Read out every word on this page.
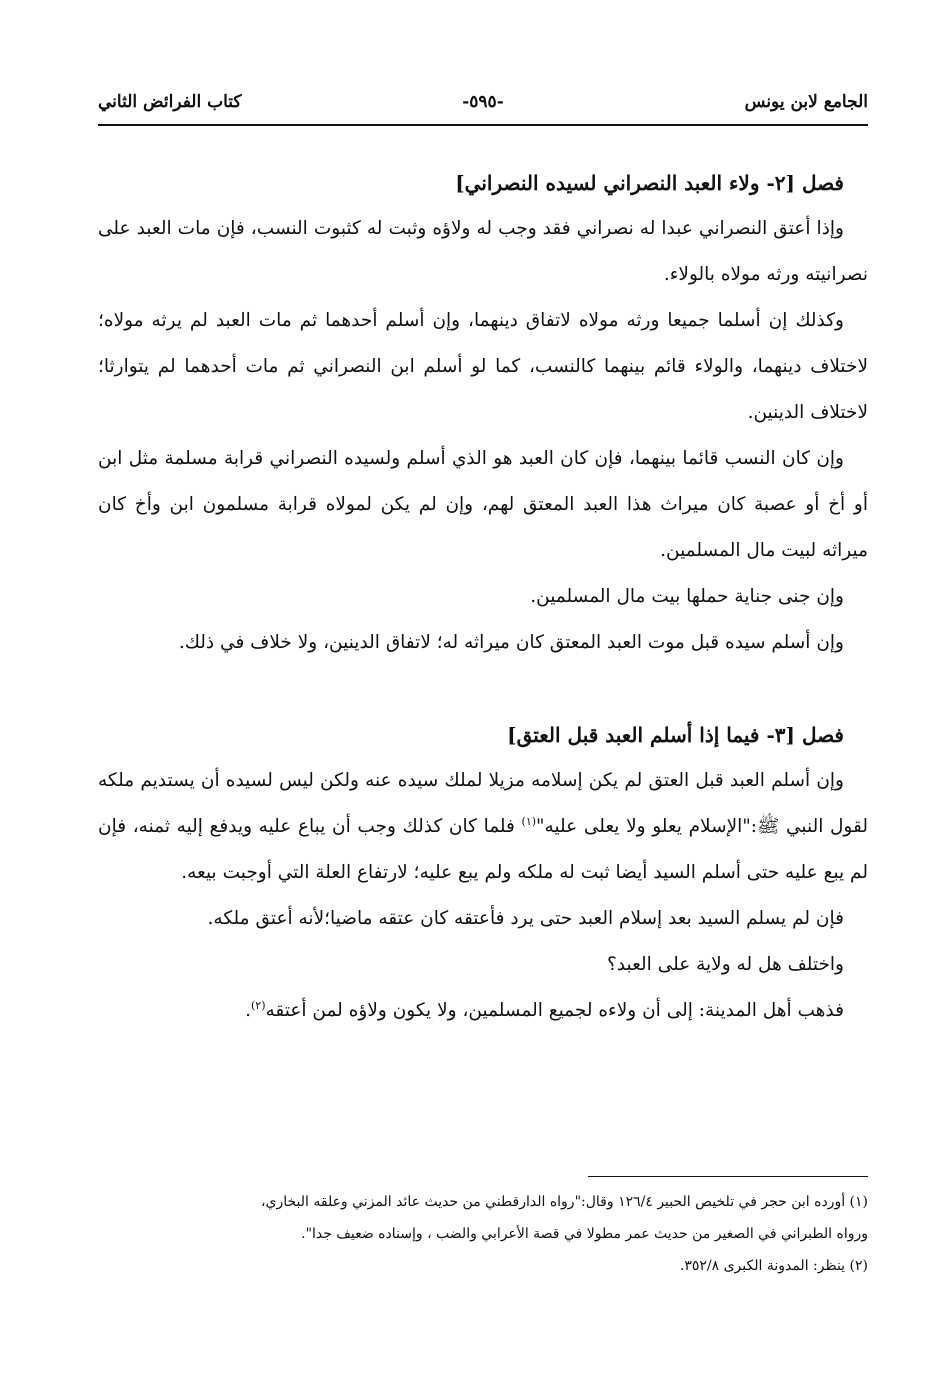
الجامع لابن يونس
-٥٩٥-
كتاب الفرائض الثاني
فصل [٢- ولاء العبد النصراني لسيده النصراني]

وإذا أعتق النصراني عبدا له نصراني فقد وجب له ولاؤه وثبت له كثبوت النسب، فإن مات العبد على نصرانيته ورثه مولاه بالولاء.

وكذلك إن أسلما جميعا ورثه مولاه لاتفاق دينهما، وإن أسلم أحدهما ثم مات العبد لم يرثه مولاه؛ لاختلاف دينهما، والولاء قائم بينهما كالنسب، كما لو أسلم ابن النصراني ثم مات أحدهما لم يتوارثا؛ لاختلاف الدينين.

وإن كان النسب قائما بينهما، فإن كان العبد هو الذي أسلم ولسيده النصراني قرابة مسلمة مثل ابن أو أخ أو عصبة كان ميراث هذا العبد المعتق لهم، وإن لم يكن لمولاه قرابة مسلمون ابن وأخ كان ميراثه لبيت مال المسلمين.

وإن جنى جناية حملها بيت مال المسلمين.

وإن أسلم سيده قبل موت العبد المعتق كان ميراثه له؛ لاتفاق الدينين، ولا خلاف في ذلك.

فصل [٣- فيما إذا أسلم العبد قبل العتق]

وإن أسلم العبد قبل العتق لم يكن إسلامه مزيلا لملك سيده عنه ولكن ليس لسيده أن يستديم ملكه لقول النبي ﷺ:"الإسلام يعلو ولا يعلى عليه"$^{(١)}$ فلما كان كذلك وجب أن يباع عليه ويدفع إليه ثمنه، فإن لم يبع عليه حتى أسلم السيد أيضا ثبت له ملكه ولم يبع عليه؛ لارتفاع العلة التي أوجبت بيعه.

فإن لم يسلم السيد بعد إسلام العبد حتى يرد فأعتقه كان عتقه ماضيا؛لأنه أعتق ملكه.

واختلف هل له ولاية على العبد؟

فذهب أهل المدينة: إلى أن ولاءه لجميع المسلمين، ولا يكون ولاؤه لمن أعتقه$^{(٢)}$.

(١) أورده ابن حجر في تلخيص الحبير ١٢٦/٤ وقال:"رواه الدارقطني من حديث عائد المزني وعلقه البخاري،

ورواه الطبراني في الصغير من حديث عمر مطولا في قصة الأعرابي والضب ، وإسناده ضعيف جدا".

(٢) ينظر: المدونة الكبرى ٣٥٢/٨.
